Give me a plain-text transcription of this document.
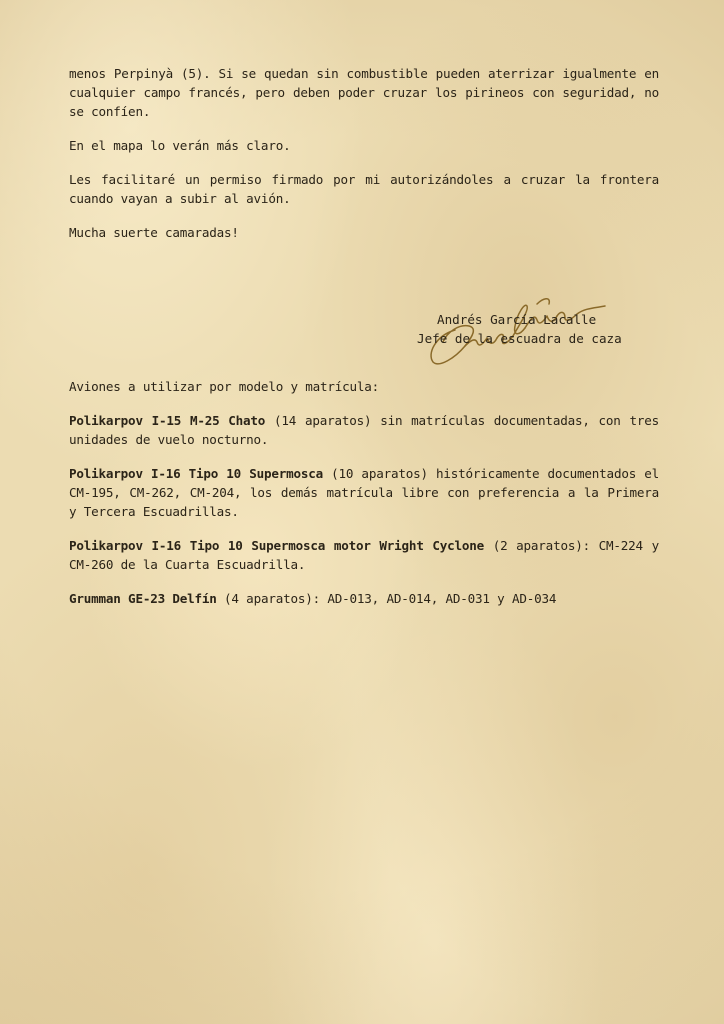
menos Perpinyà (5). Si se quedan sin combustible pueden aterrizar igualmente en cualquier campo francés, pero deben poder cruzar los pirineos con seguridad, no se confíen.

En el mapa lo verán más claro.

Les facilitaré un permiso firmado por mi autorizándoles a cruzar la frontera cuando vayan a subir al avión.

Mucha suerte camaradas!

Andrés García Lacalle
Jefe de la escuadra de caza

Aviones a utilizar por modelo y matrícula:

Polikarpov I-15 M-25 Chato (14 aparatos) sin matrículas documentadas, con tres unidades de vuelo nocturno.

Polikarpov I-16 Tipo 10 Supermosca (10 aparatos) históricamente documentados el CM-195, CM-262, CM-204, los demás matrícula libre con preferencia a la Primera y Tercera Escuadrillas.

Polikarpov I-16 Tipo 10 Supermosca motor Wright Cyclone (2 aparatos): CM-224 y CM-260 de la Cuarta Escuadrilla.

Grumman GE-23 Delfín (4 aparatos): AD-013, AD-014, AD-031 y AD-034
